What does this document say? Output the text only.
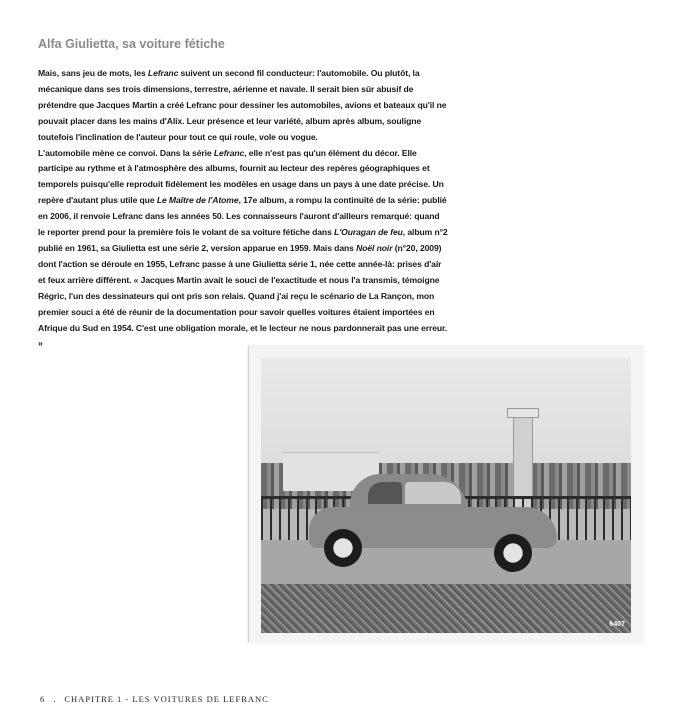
Alfa Giulietta, sa voiture fétiche

Mais, sans jeu de mots, les Lefranc suivent un second fil conducteur: l'automobile. Ou plutôt, la mécanique dans ses trois dimensions, terrestre, aérienne et navale. Il serait bien sûr abusif de prétendre que Jacques Martin a créé Lefranc pour dessiner les automobiles, avions et bateaux qu'il ne pouvait placer dans les mains d'Alix. Leur présence et leur variété, album après album, souligne toutefois l'inclination de l'auteur pour tout ce qui roule, vole ou vogue.

L'automobile mène ce convoi. Dans la série Lefranc, elle n'est pas qu'un élément du décor. Elle participe au rythme et à l'atmosphère des albums, fournit au lecteur des repères géographiques et temporels puisqu'elle reproduit fidèlement les modèles en usage dans un pays à une date précise. Un repère d'autant plus utile que Le Maître de l'Atome, 17e album, a rompu la continuité de la série: publié en 2006, il renvoie Lefranc dans les années 50. Les connaisseurs l'auront d'ailleurs remarqué: quand le reporter prend pour la première fois le volant de sa voiture fétiche dans L'Ouragan de feu, album n°2 publié en 1961, sa Giulietta est une série 2, version apparue en 1959. Mais dans Noël noir (n°20, 2009) dont l'action se déroule en 1955, Lefranc passe à une Giulietta série 1, née cette année-là: prises d'air et feux arrière différent. « Jacques Martin avait le souci de l'exactitude et nous l'a transmis, témoigne Régric, l'un des dessinateurs qui ont pris son relais. Quand j'ai reçu le scénario de La Rançon, mon premier souci a été de réunir de la documentation pour savoir quelles voitures étaient importées en Afrique du Sud en 1954. C'est une obligation morale, et le lecteur ne nous pardonnerait pas une erreur. »

6407
6 . CHAPITRE 1 - LES VOITURES DE LEFRANC
